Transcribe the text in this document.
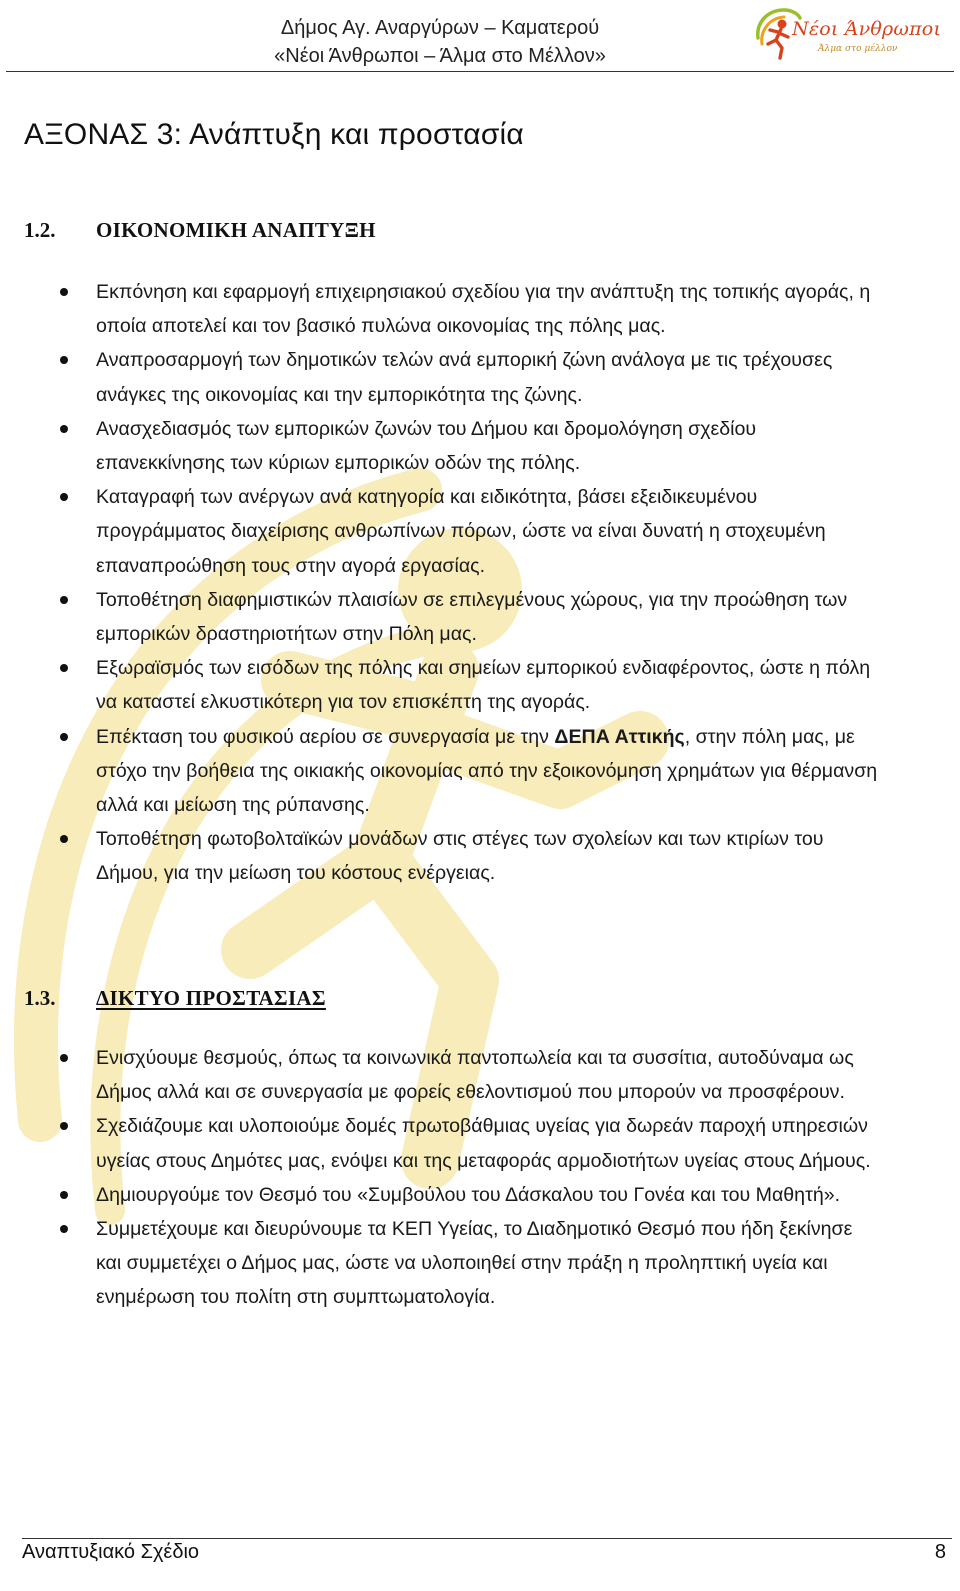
Δήμος Αγ. Αναργύρων – Καματερού
«Νέοι Άνθρωποι – Άλμα στο Μέλλον»
Νέοι Άνθρωποι
Άλμα στο μέλλον
ΑΞΟΝΑΣ 3: Ανάπτυξη και προστασία
1.2. ΟΙΚΟΝΟΜΙΚΗ ΑΝΑΠΤΥΞΗ
Εκπόνηση και εφαρμογή επιχειρησιακού σχεδίου για την ανάπτυξη της τοπικής αγοράς, η οποία αποτελεί και τον βασικό πυλώνα οικονομίας της πόλης μας.
Αναπροσαρμογή των δημοτικών τελών ανά εμπορική ζώνη ανάλογα με τις τρέχουσες ανάγκες της οικονομίας και την εμπορικότητα της ζώνης.
Ανασχεδιασμός των εμπορικών ζωνών του Δήμου και δρομολόγηση σχεδίου επανεκκίνησης των κύριων εμπορικών οδών της πόλης.
Καταγραφή των ανέργων ανά κατηγορία και ειδικότητα, βάσει εξειδικευμένου προγράμματος διαχείρισης ανθρωπίνων πόρων, ώστε να είναι δυνατή η στοχευμένη επαναπροώθηση τους στην αγορά εργασίας.
Τοποθέτηση διαφημιστικών πλαισίων σε επιλεγμένους χώρους, για την προώθηση των εμπορικών δραστηριοτήτων στην Πόλη μας.
Εξωραϊσμός των εισόδων της πόλης και σημείων εμπορικού ενδιαφέροντος, ώστε η πόλη να καταστεί ελκυστικότερη για τον επισκέπτη της αγοράς.
Επέκταση του φυσικού αερίου σε συνεργασία με την ΔΕΠΑ Αττικής, στην πόλη μας, με στόχο την βοήθεια της οικιακής οικονομίας από την εξοικονόμηση χρημάτων για θέρμανση αλλά και μείωση της ρύπανσης.
Τοποθέτηση φωτοβολταϊκών μονάδων στις στέγες των σχολείων και των κτιρίων του Δήμου, για την μείωση του κόστους ενέργειας.
1.3. ΔΙΚΤΥΟ ΠΡΟΣΤΑΣΙΑΣ
Ενισχύουμε θεσμούς, όπως τα κοινωνικά παντοπωλεία και τα συσσίτια, αυτοδύναμα ως Δήμος αλλά και σε συνεργασία με φορείς εθελοντισμού που μπορούν να προσφέρουν.
Σχεδιάζουμε και υλοποιούμε δομές πρωτοβάθμιας υγείας για δωρεάν παροχή υπηρεσιών υγείας στους Δημότες μας, ενόψει και της μεταφοράς αρμοδιοτήτων υγείας στους Δήμους.
Δημιουργούμε τον Θεσμό του «Συμβούλου του Δάσκαλου του Γονέα και του Μαθητή».
Συμμετέχουμε και διευρύνουμε τα ΚΕΠ Υγείας, το Διαδημοτικό Θεσμό που ήδη ξεκίνησε και συμμετέχει ο Δήμος μας, ώστε να υλοποιηθεί στην πράξη η προληπτική υγεία και ενημέρωση του πολίτη στη συμπτωματολογία.
Αναπτυξιακό Σχέδιο	8
